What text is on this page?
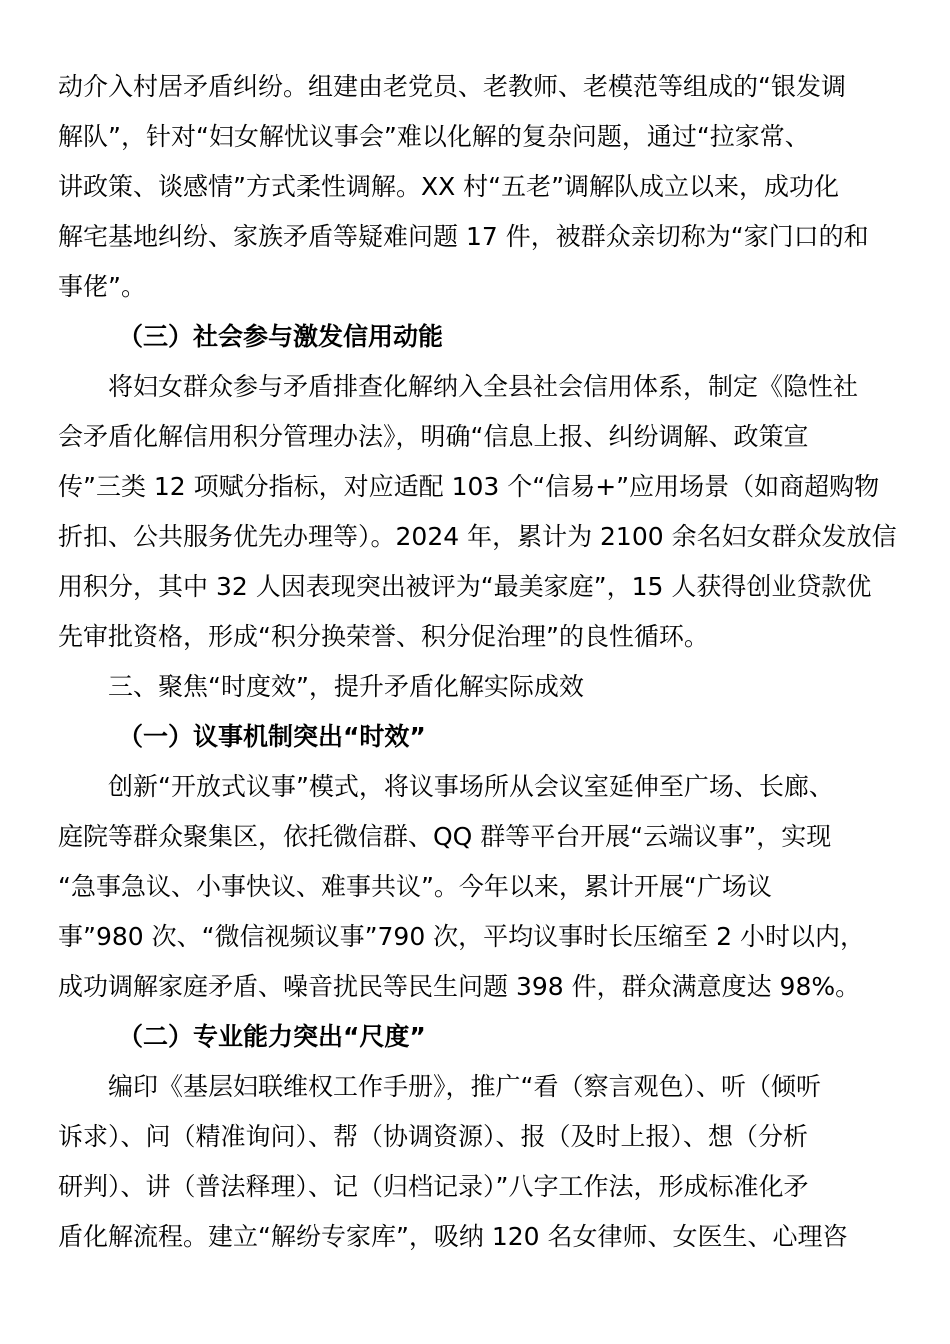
动介入村居矛盾纠纷。组建由老党员、老教师、老模范等组成的“银发调
解队”，针对“妇女解忧议事会”难以化解的复杂问题，通过“拉家常、
讲政策、谈感情”方式柔性调解。XX 村“五老”调解队成立以来，成功化
解宅基地纠纷、家族矛盾等疑难问题 17 件，被群众亲切称为“家门口的和
事佬”。
（三）社会参与激发信用动能
将妇女群众参与矛盾排查化解纳入全县社会信用体系，制定《隐性社
会矛盾化解信用积分管理办法》，明确“信息上报、纠纷调解、政策宣
传”三类 12 项赋分指标，对应适配 103 个“信易+”应用场景（如商超购物
折扣、公共服务优先办理等）。2024 年，累计为 2100 余名妇女群众发放信
用积分，其中 32 人因表现突出被评为“最美家庭”，15 人获得创业贷款优
先审批资格，形成“积分换荣誉、积分促治理”的良性循环。
三、聚焦“时度效”，提升矛盾化解实际成效
（一）议事机制突出“时效”
创新“开放式议事”模式，将议事场所从会议室延伸至广场、长廊、
庭院等群众聚集区，依托微信群、QQ 群等平台开展“云端议事”，实现
“急事急议、小事快议、难事共议”。今年以来，累计开展“广场议
事”980 次、“微信视频议事”790 次，平均议事时长压缩至 2 小时以内，
成功调解家庭矛盾、噪音扰民等民生问题 398 件，群众满意度达 98%。
（二）专业能力突出“尺度”
编印《基层妇联维权工作手册》，推广“看（察言观色）、听（倾听
诉求）、问（精准询问）、帮（协调资源）、报（及时上报）、想（分析
研判）、讲（普法释理）、记（归档记录）”八字工作法，形成标准化矛
盾化解流程。建立“解纷专家库”，吸纳 120 名女律师、女医生、心理咨
